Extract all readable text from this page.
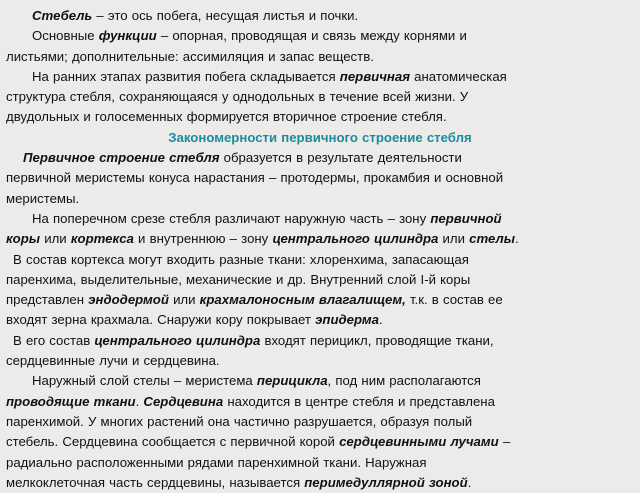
Стебель – это ось побега, несущая листья и почки.
Основные функции – опорная, проводящая и связь между корнями и
листьями; дополнительные: ассимиляция и запас веществ.
На ранних этапах развития побега складывается первичная анатомическая
структура стебля, сохраняющаяся у однодольных в течение всей жизни. У
двудольных и голосеменных формируется вторичное строение стебля.
Закономерности первичного строение стебля
Первичное строение стебля образуется в результате деятельности
первичной меристемы конуса нарастания – протодермы, прокамбия и основной
меристемы.
На поперечном срезе стебля различают наружную часть – зону первичной
коры или кортекса и внутреннюю – зону центрального цилиндра или стелы.
В состав кортекса могут входить разные ткани: хлоренхима, запасающая
паренхима, выделительные, механические и др. Внутренний слой I-й коры
представлен эндодермой или крахмалоносным влагалищем, т.к. в состав ее
входят зерна крахмала. Снаружи кору покрывает эпидерма.
В его состав центрального цилиндра входят перицикл, проводящие ткани,
сердцевинные лучи и сердцевина.
Наружный слой стелы – меристема перицикла, под ним располагаются
проводящие ткани. Сердцевина находится в центре стебля и представлена
паренхимой. У многих растений она частично разрушается, образуя полый
стебель. Сердцевина сообщается с первичной корой сердцевинными лучами –
радиально расположенными рядами паренхимной ткани. Наружная
мелкоклеточная часть сердцевины, называется перимедуллярной зоной.
